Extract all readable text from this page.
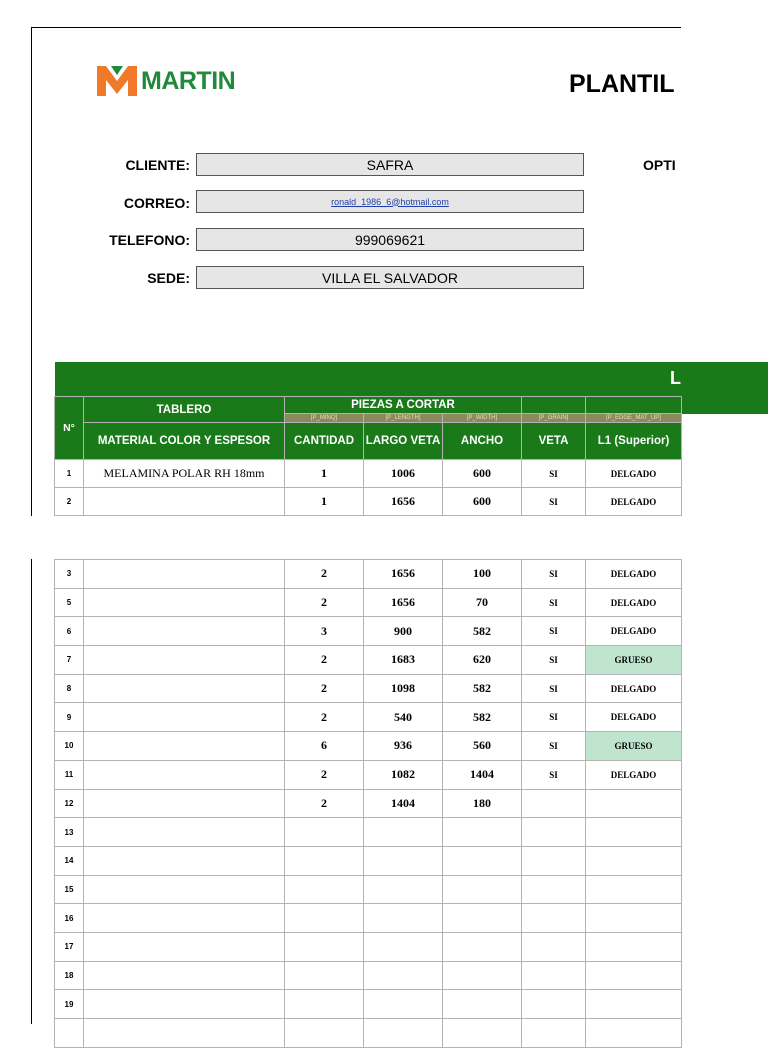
MARTIN	PLANTIL
OPTI
CLIENTE:	SAFRA
CORREO:	ronald_1986_6@hotmail.com
TELEFONO:	999069621
SEDE:	VILLA EL SALVADOR
L
N°	TABLERO	PIEZAS A CORTAR				
		[P_MINQ]	[P_LENGTH]	[P_WIDTH]	[P_GRAIN]	[P_EDGE_MAT_UP]
	MATERIAL COLOR Y ESPESOR	CANTIDAD	LARGO VETA	ANCHO	VETA	L1 (Superior)
1	MELAMINA POLAR RH 18mm	1	1006	600	SI	DELGADO
2		1	1656	600	SI	DELGADO
3		2	1656	100	SI	DELGADO
5		2	1656	70	SI	DELGADO
6		3	900	582	SI	DELGADO
7		2	1683	620	SI	GRUESO
8		2	1098	582	SI	DELGADO
9		2	540	582	SI	DELGADO
10		6	936	560	SI	GRUESO
11		2	1082	1404	SI	DELGADO
12		2	1404	180		
13						
14						
15						
16						
17						
18						
19						
